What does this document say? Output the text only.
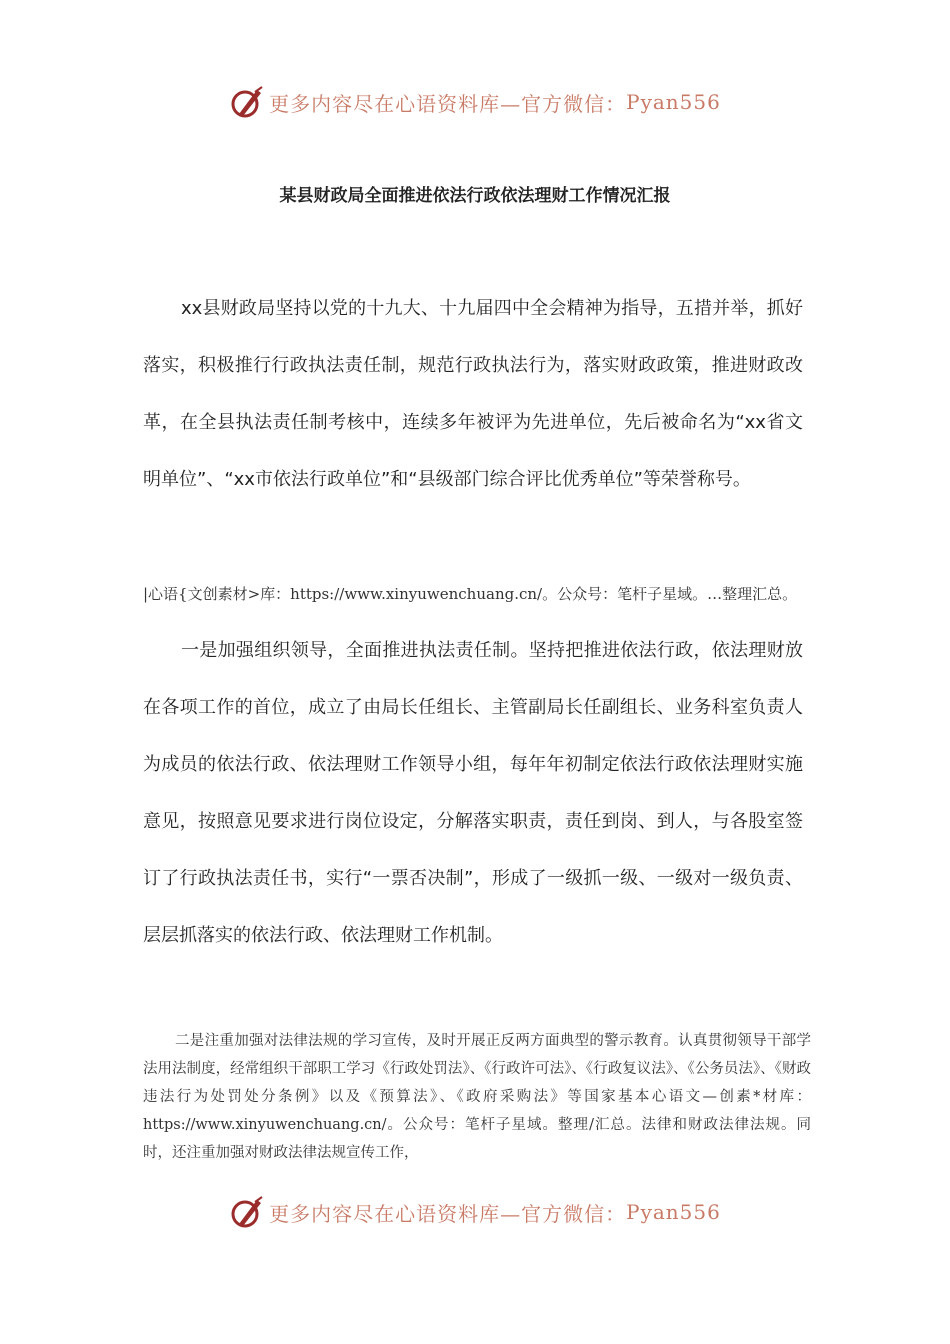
更多内容尽在心语资料库—官方微信： Pyan556
某县财政局全面推进依法行政依法理财工作情况汇报

xx县财政局坚持以党的十九大、十九届四中全会精神为指导，五措并举，抓好落实，积极推行行政执法责任制，规范行政执法行为，落实财政政策，推进财政改革，在全县执法责任制考核中，连续多年被评为先进单位，先后被命名为“xx省文明单位”、“xx市依法行政单位”和“县级部门综合评比优秀单位”等荣誉称号。

|心语{文创素材>库：https://www.xinyuwenchuang.cn/。公众号：笔杆子星域。…整理汇总。

一是加强组织领导，全面推进执法责任制。坚持把推进依法行政，依法理财放在各项工作的首位，成立了由局长任组长、主管副局长任副组长、业务科室负责人为成员的依法行政、依法理财工作领导小组，每年年初制定依法行政依法理财实施意见，按照意见要求进行岗位设定，分解落实职责，责任到岗、到人，与各股室签订了行政执法责任书，实行“一票否决制”，形成了一级抓一级、一级对一级负责、层层抓落实的依法行政、依法理财工作机制。

二是注重加强对法律法规的学习宣传，及时开展正反两方面典型的警示教育。认真贯彻领导干部学法用法制度，经常组织干部职工学习《行政处罚法》、《行政许可法》、《行政复议法》、《公务员法》、《财政违法行为处罚处分条例》以及《预算法》、《政府采购法》等国家基本心语文—创素*材库：https://www.xinyuwenchuang.cn/。公众号：笔杆子星域。整理/汇总。法律和财政法律法规。同时，还注重加强对财政法律法规宣传工作，

更多内容尽在心语资料库—官方微信： Pyan556
